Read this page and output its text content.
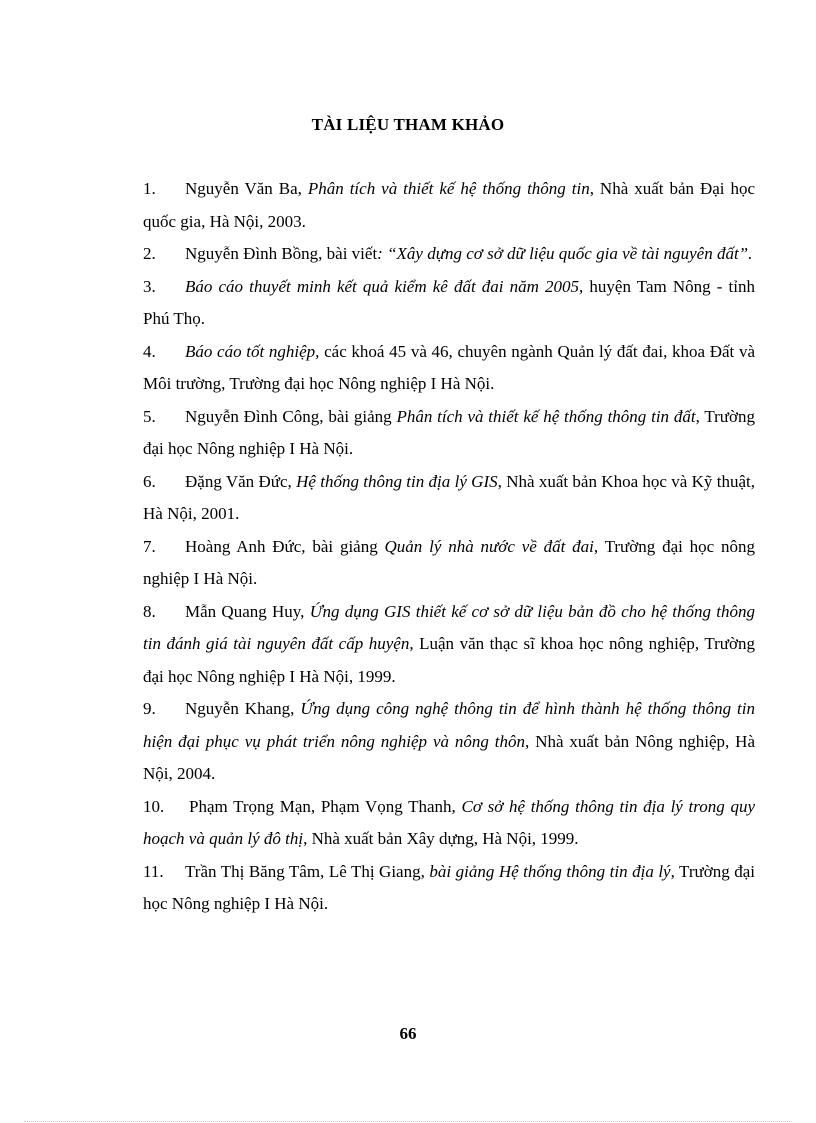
TÀI LIỆU THAM KHẢO
1. Nguyễn Văn Ba, Phân tích và thiết kế hệ thống thông tin, Nhà xuất bản Đại học quốc gia, Hà Nội, 2003.
2. Nguyễn Đình Bồng, bài viết: “Xây dựng cơ sở dữ liệu quốc gia về tài nguyên đất”.
3. Báo cáo thuyết minh kết quả kiểm kê đất đai năm 2005, huyện Tam Nông - tỉnh Phú Thọ.
4. Báo cáo tốt nghiệp, các khoá 45 và 46, chuyên ngành Quản lý đất đai, khoa Đất và Môi trường, Trường đại học Nông nghiệp I Hà Nội.
5. Nguyễn Đình Công, bài giảng Phân tích và thiết kế hệ thống thông tin đất, Trường đại học Nông nghiệp I Hà Nội.
6. Đặng Văn Đức, Hệ thống thông tin địa lý GIS, Nhà xuất bản Khoa học và Kỹ thuật, Hà Nội, 2001.
7. Hoàng Anh Đức, bài giảng Quản lý nhà nước về đất đai, Trường đại học nông nghiệp I Hà Nội.
8. Mẫn Quang Huy, Ứng dụng GIS thiết kế cơ sở dữ liệu bản đồ cho hệ thống thông tin đánh giá tài nguyên đất cấp huyện, Luận văn thạc sĩ khoa học nông nghiệp, Trường đại học Nông nghiệp I Hà Nội, 1999.
9. Nguyễn Khang, Ứng dụng công nghệ thông tin để hình thành hệ thống thông tin hiện đại phục vụ phát triển nông nghiệp và nông thôn, Nhà xuất bản Nông nghiệp, Hà Nội, 2004.
10. Phạm Trọng Mạn, Phạm Vọng Thanh, Cơ sở hệ thống thông tin địa lý trong quy hoạch và quản lý đô thị, Nhà xuất bản Xây dựng, Hà Nội, 1999.
11. Trần Thị Băng Tâm, Lê Thị Giang, bài giảng Hệ thống thông tin địa lý, Trường đại học Nông nghiệp I Hà Nội.
66
